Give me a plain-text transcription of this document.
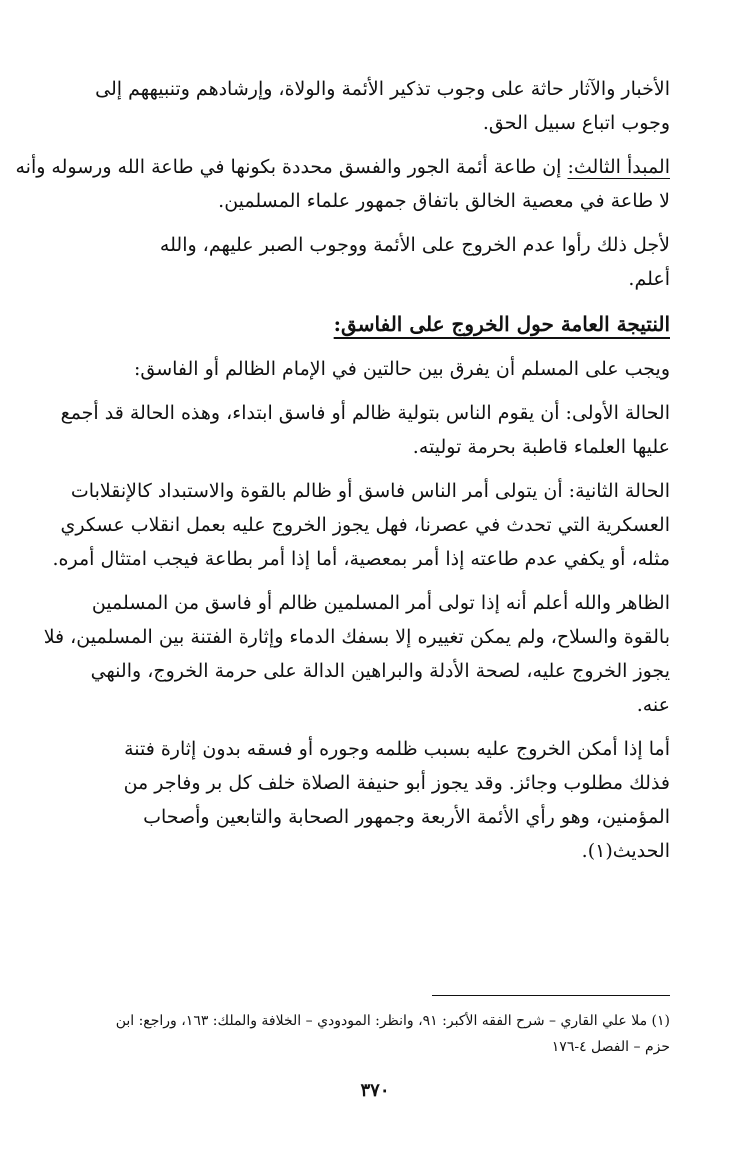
الأخبار والآثار حاثة على وجوب تذكير الأئمة والولاة، وإرشادهم وتنبيههم إلى
وجوب اتباع سبيل الحق.
المبدأ الثالث: إن طاعة أئمة الجور والفسق محددة بكونها في طاعة الله ورسوله وأنه
لا طاعة في معصية الخالق باتفاق جمهور علماء المسلمين.
لأجل ذلك رأوا عدم الخروج على الأئمة ووجوب الصبر عليهم، والله
أعلم.
النتيجة العامة حول الخروج على الفاسق:
ويجب على المسلم أن يفرق بين حالتين في الإمام الظالم أو الفاسق:
الحالة الأولى: أن يقوم الناس بتولية ظالم أو فاسق ابتداء، وهذه الحالة قد أجمع
عليها العلماء قاطبة بحرمة توليته.
الحالة الثانية: أن يتولى أمر الناس فاسق أو ظالم بالقوة والاستبداد كالإنقلابات
العسكرية التي تحدث في عصرنا، فهل يجوز الخروج عليه بعمل انقلاب عسكري
مثله، أو يكفي عدم طاعته إذا أمر بمعصية، أما إذا أمر بطاعة فيجب امتثال أمره.
الظاهر والله أعلم أنه إذا تولى أمر المسلمين ظالم أو فاسق من المسلمين
بالقوة والسلاح، ولم يمكن تغييره إلا بسفك الدماء وإثارة الفتنة بين المسلمين، فلا
يجوز الخروج عليه، لصحة الأدلة والبراهين الدالة على حرمة الخروج، والنهي
عنه.
أما إذا أمكن الخروج عليه بسبب ظلمه وجوره أو فسقه بدون إثارة فتنة
فذلك مطلوب وجائز. وقد يجوز أبو حنيفة الصلاة خلف كل بر وفاجر من
المؤمنين، وهو رأي الأئمة الأربعة وجمهور الصحابة والتابعين وأصحاب
الحديث(١).
(١) ملا علي القاري – شرح الفقه الأكبر: ٩١، وانظر: المودودي – الخلافة والملك: ١٦٣، وراجع: ابن
حزم – الفصل ٤-١٧٦
٣٧٠
